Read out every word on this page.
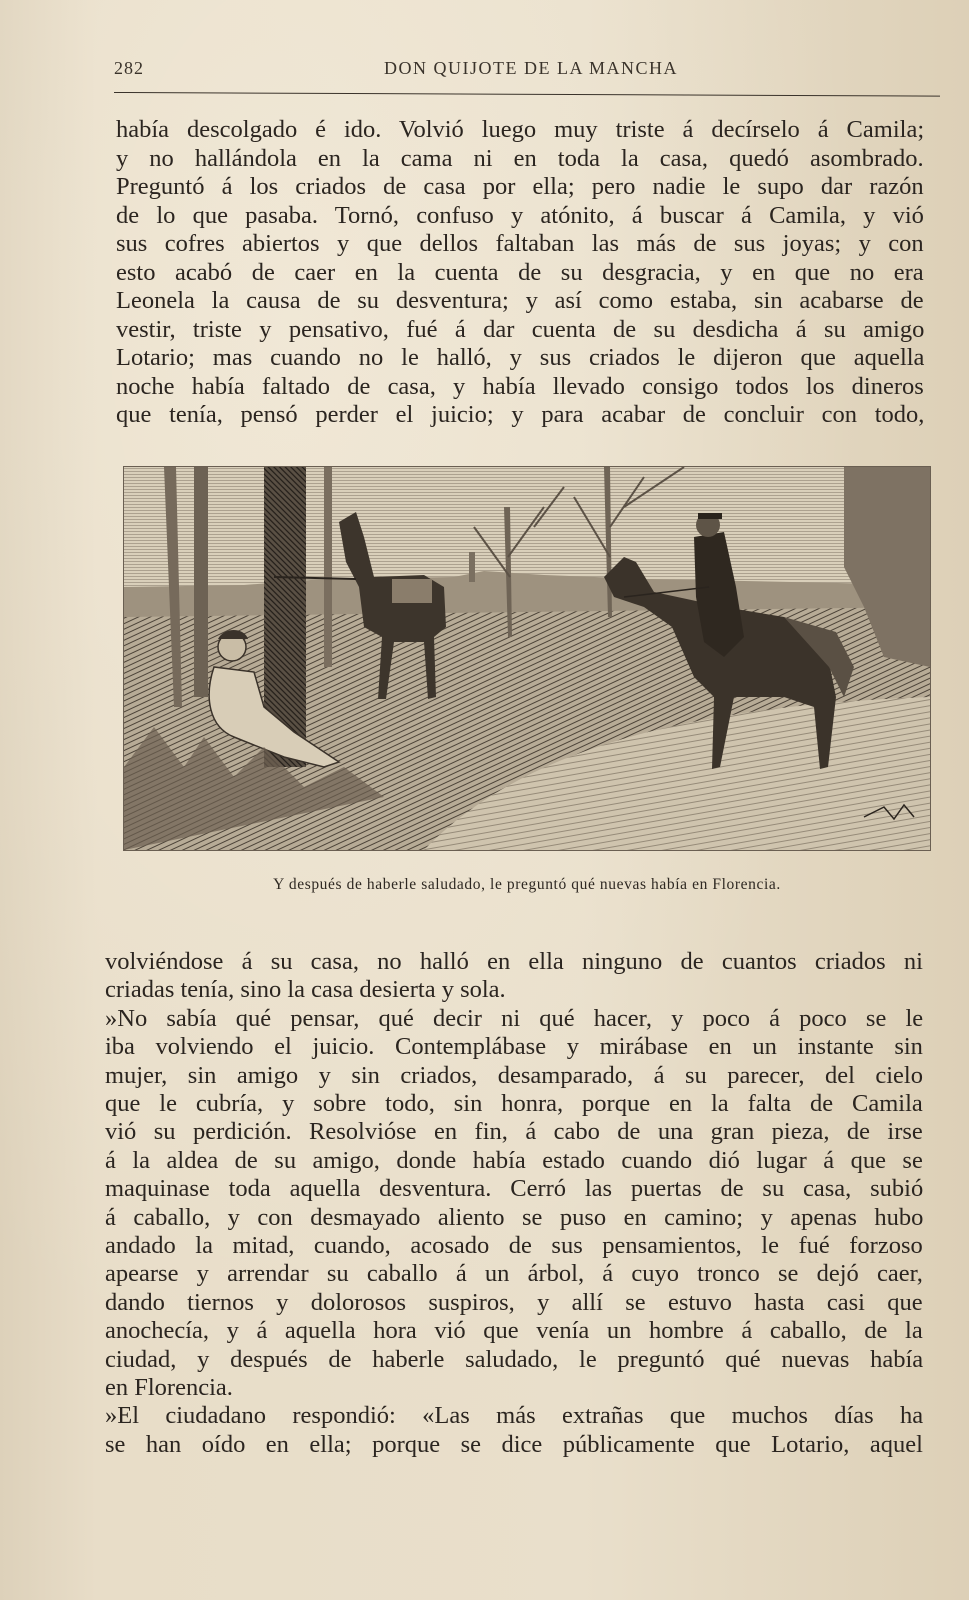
282	DON QUIJOTE DE LA MANCHA
había descolgado é ido. Volvió luego muy triste á decírselo á Camila;
y no hallándola en la cama ni en toda la casa, quedó asombrado.
Preguntó á los criados de casa por ella; pero nadie le supo dar razón
de lo que pasaba. Tornó, confuso y atónito, á buscar á Camila, y vió
sus cofres abiertos y que dellos faltaban las más de sus joyas; y con
esto acabó de caer en la cuenta de su desgracia, y en que no era
Leonela la causa de su desventura; y así como estaba, sin acabarse de
vestir, triste y pensativo, fué á dar cuenta de su desdicha á su amigo
Lotario; mas cuando no le halló, y sus criados le dijeron que aquella
noche había faltado de casa, y había llevado consigo todos los dineros
que tenía, pensó perder el juicio; y para acabar de concluir con todo,
Y después de haberle saludado, le preguntó qué nuevas había en Florencia.
volviéndose á su casa, no halló en ella ninguno de cuantos criados ni
criadas tenía, sino la casa desierta y sola.
»No sabía qué pensar, qué decir ni qué hacer, y poco á poco se le
iba volviendo el juicio. Contemplábase y mirábase en un instante sin
mujer, sin amigo y sin criados, desamparado, á su parecer, del cielo
que le cubría, y sobre todo, sin honra, porque en la falta de Camila
vió su perdición. Resolvióse en fin, á cabo de una gran pieza, de irse
á la aldea de su amigo, donde había estado cuando dió lugar á que se
maquinase toda aquella desventura. Cerró las puertas de su casa, subió
á caballo, y con desmayado aliento se puso en camino; y apenas hubo
andado la mitad, cuando, acosado de sus pensamientos, le fué forzoso
apearse y arrendar su caballo á un árbol, á cuyo tronco se dejó caer,
dando tiernos y dolorosos suspiros, y allí se estuvo hasta casi que
anochecía, y á aquella hora vió que venía un hombre á caballo, de la
ciudad, y después de haberle saludado, le preguntó qué nuevas había
en Florencia.
»El ciudadano respondió: «Las más extrañas que muchos días ha
se han oído en ella; porque se dice públicamente que Lotario, aquel
